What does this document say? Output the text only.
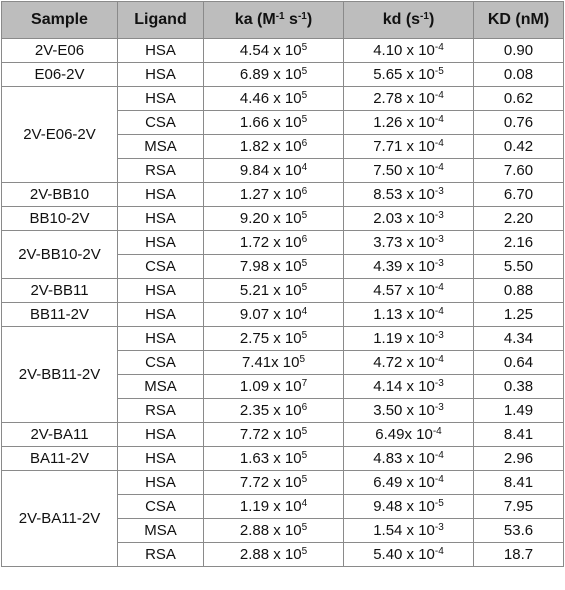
Sample	Ligand	ka ($M^{-1}$ $s^{-1}$)	kd $(s^{-1})$	KD (nM)
2V-E06	HSA	4.54 x $10^5$	4.10 x $10^{-4}$	0.90
E06-2V	HSA	6.89 x $10^5$	5.65 x $10^{-5}$	0.08
2V-E06-2V	HSA	4.46 x $10^5$	2.78 x $10^{-4}$	0.62
	CSA	1.66 x $10^5$	1.26 x $10^{-4}$	0.76
	MSA	1.82 x $10^6$	7.71 x $10^{-4}$	0.42
	RSA	9.84 x $10^4$	7.50 x $10^{-4}$	7.60
2V-BB10	HSA	1.27 x $10^6$	8.53 x $10^{-3}$	6.70
BB10-2V	HSA	9.20 x $10^5$	2.03 x $10^{-3}$	2.20
2V-BB10-2V	HSA	1.72 x $10^6$	3.73 x $10^{-3}$	2.16
	CSA	7.98 x $10^5$	4.39 x $10^{-3}$	5.50
2V-BB11	HSA	5.21 x $10^5$	4.57 x $10^{-4}$	0.88
BB11-2V	HSA	9.07 x $10^4$	1.13 x $10^{-4}$	1.25
2V-BB11-2V	HSA	2.75 x $10^5$	1.19 x $10^{-3}$	4.34
	CSA	7.41x $10^5$	4.72 x $10^{-4}$	0.64
	MSA	1.09 x $10^7$	4.14 x $10^{-3}$	0.38
	RSA	2.35 x $10^6$	3.50 x $10^{-3}$	1.49
2V-BA11	HSA	7.72 x $10^5$	6.49x $10^{-4}$	8.41
BA11-2V	HSA	1.63 x $10^5$	4.83 x $10^{-4}$	2.96
2V-BA11-2V	HSA	7.72 x $10^5$	6.49 x $10^{-4}$	8.41
	CSA	1.19 x $10^4$	9.48 x $10^{-5}$	7.95
	MSA	2.88 x $10^5$	1.54 x $10^{-3}$	53.6
	RSA	2.88 x $10^5$	5.40 x $10^{-4}$	18.7
